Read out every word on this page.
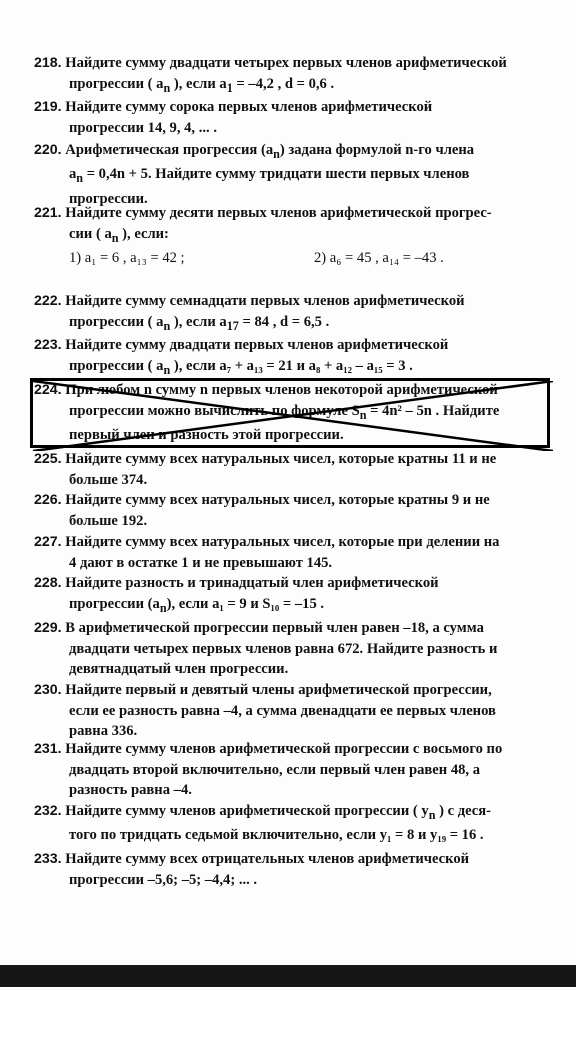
218. Найдите сумму двадцати четырех первых членов арифметической
прогрессии ( $a_n$ ), если $a_1 = -4,2$ , d = 0,6 .
219. Найдите сумму сорока первых членов арифметической
прогрессии 14, 9, 4, ... .
220. Арифметическая прогрессия $(a_n)$ задана формулой n-го члена
$a_n = 0,4n + 5$. Найдите сумму тридцати шести первых членов
прогрессии.
221. Найдите сумму десяти первых членов арифметической прогрес-
сии ( $a_n$ ), если:
1) a₁ = 6 , a₁₃ = 42 ;	2) a₆ = 45 , a₁₄ = –43 .
222. Найдите сумму семнадцати первых членов арифметической
прогрессии ( $a_n$ ), если $a_{17} = 84$ , d = 6,5 .
223. Найдите сумму двадцати первых членов арифметической
прогрессии ( $a_n$ ), если a₇ + a₁₃ = 21 и a₈ + a₁₂ – a₁₅ = 3 .
224. При любом n сумму n первых членов некоторой арифметической
прогрессии можно вычислить по формуле $S_n = 4n^2 - 5n$ . Найдите
первый член и разность этой прогрессии.
225. Найдите сумму всех натуральных чисел, которые кратны 11 и не
больше 374.
226. Найдите сумму всех натуральных чисел, которые кратны 9 и не
больше 192.
227. Найдите сумму всех натуральных чисел, которые при делении на
4 дают в остатке 1 и не превышают 145.
228. Найдите разность и тринадцатый член арифметической
прогрессии $(a_n)$, если a₁ = 9 и S₁₀ = –15 .
229. В арифметической прогрессии первый член равен –18, а сумма
двадцати четырех первых членов равна 672. Найдите разность и
девятнадцатый член прогрессии.
230. Найдите первый и девятый члены арифметической прогрессии,
если ее разность равна –4, а сумма двенадцати ее первых членов
равна 336.
231. Найдите сумму членов арифметической прогрессии с восьмого по
двадцать второй включительно, если первый член равен 48, а
разность равна –4.
232. Найдите сумму членов арифметической прогрессии ( $y_n$ ) с деся-
того по тридцать седьмой включительно, если y₁ = 8 и y₁₉ = 16 .
233. Найдите сумму всех отрицательных членов арифметической
прогрессии –5,6; –5; –4,4; ... .
